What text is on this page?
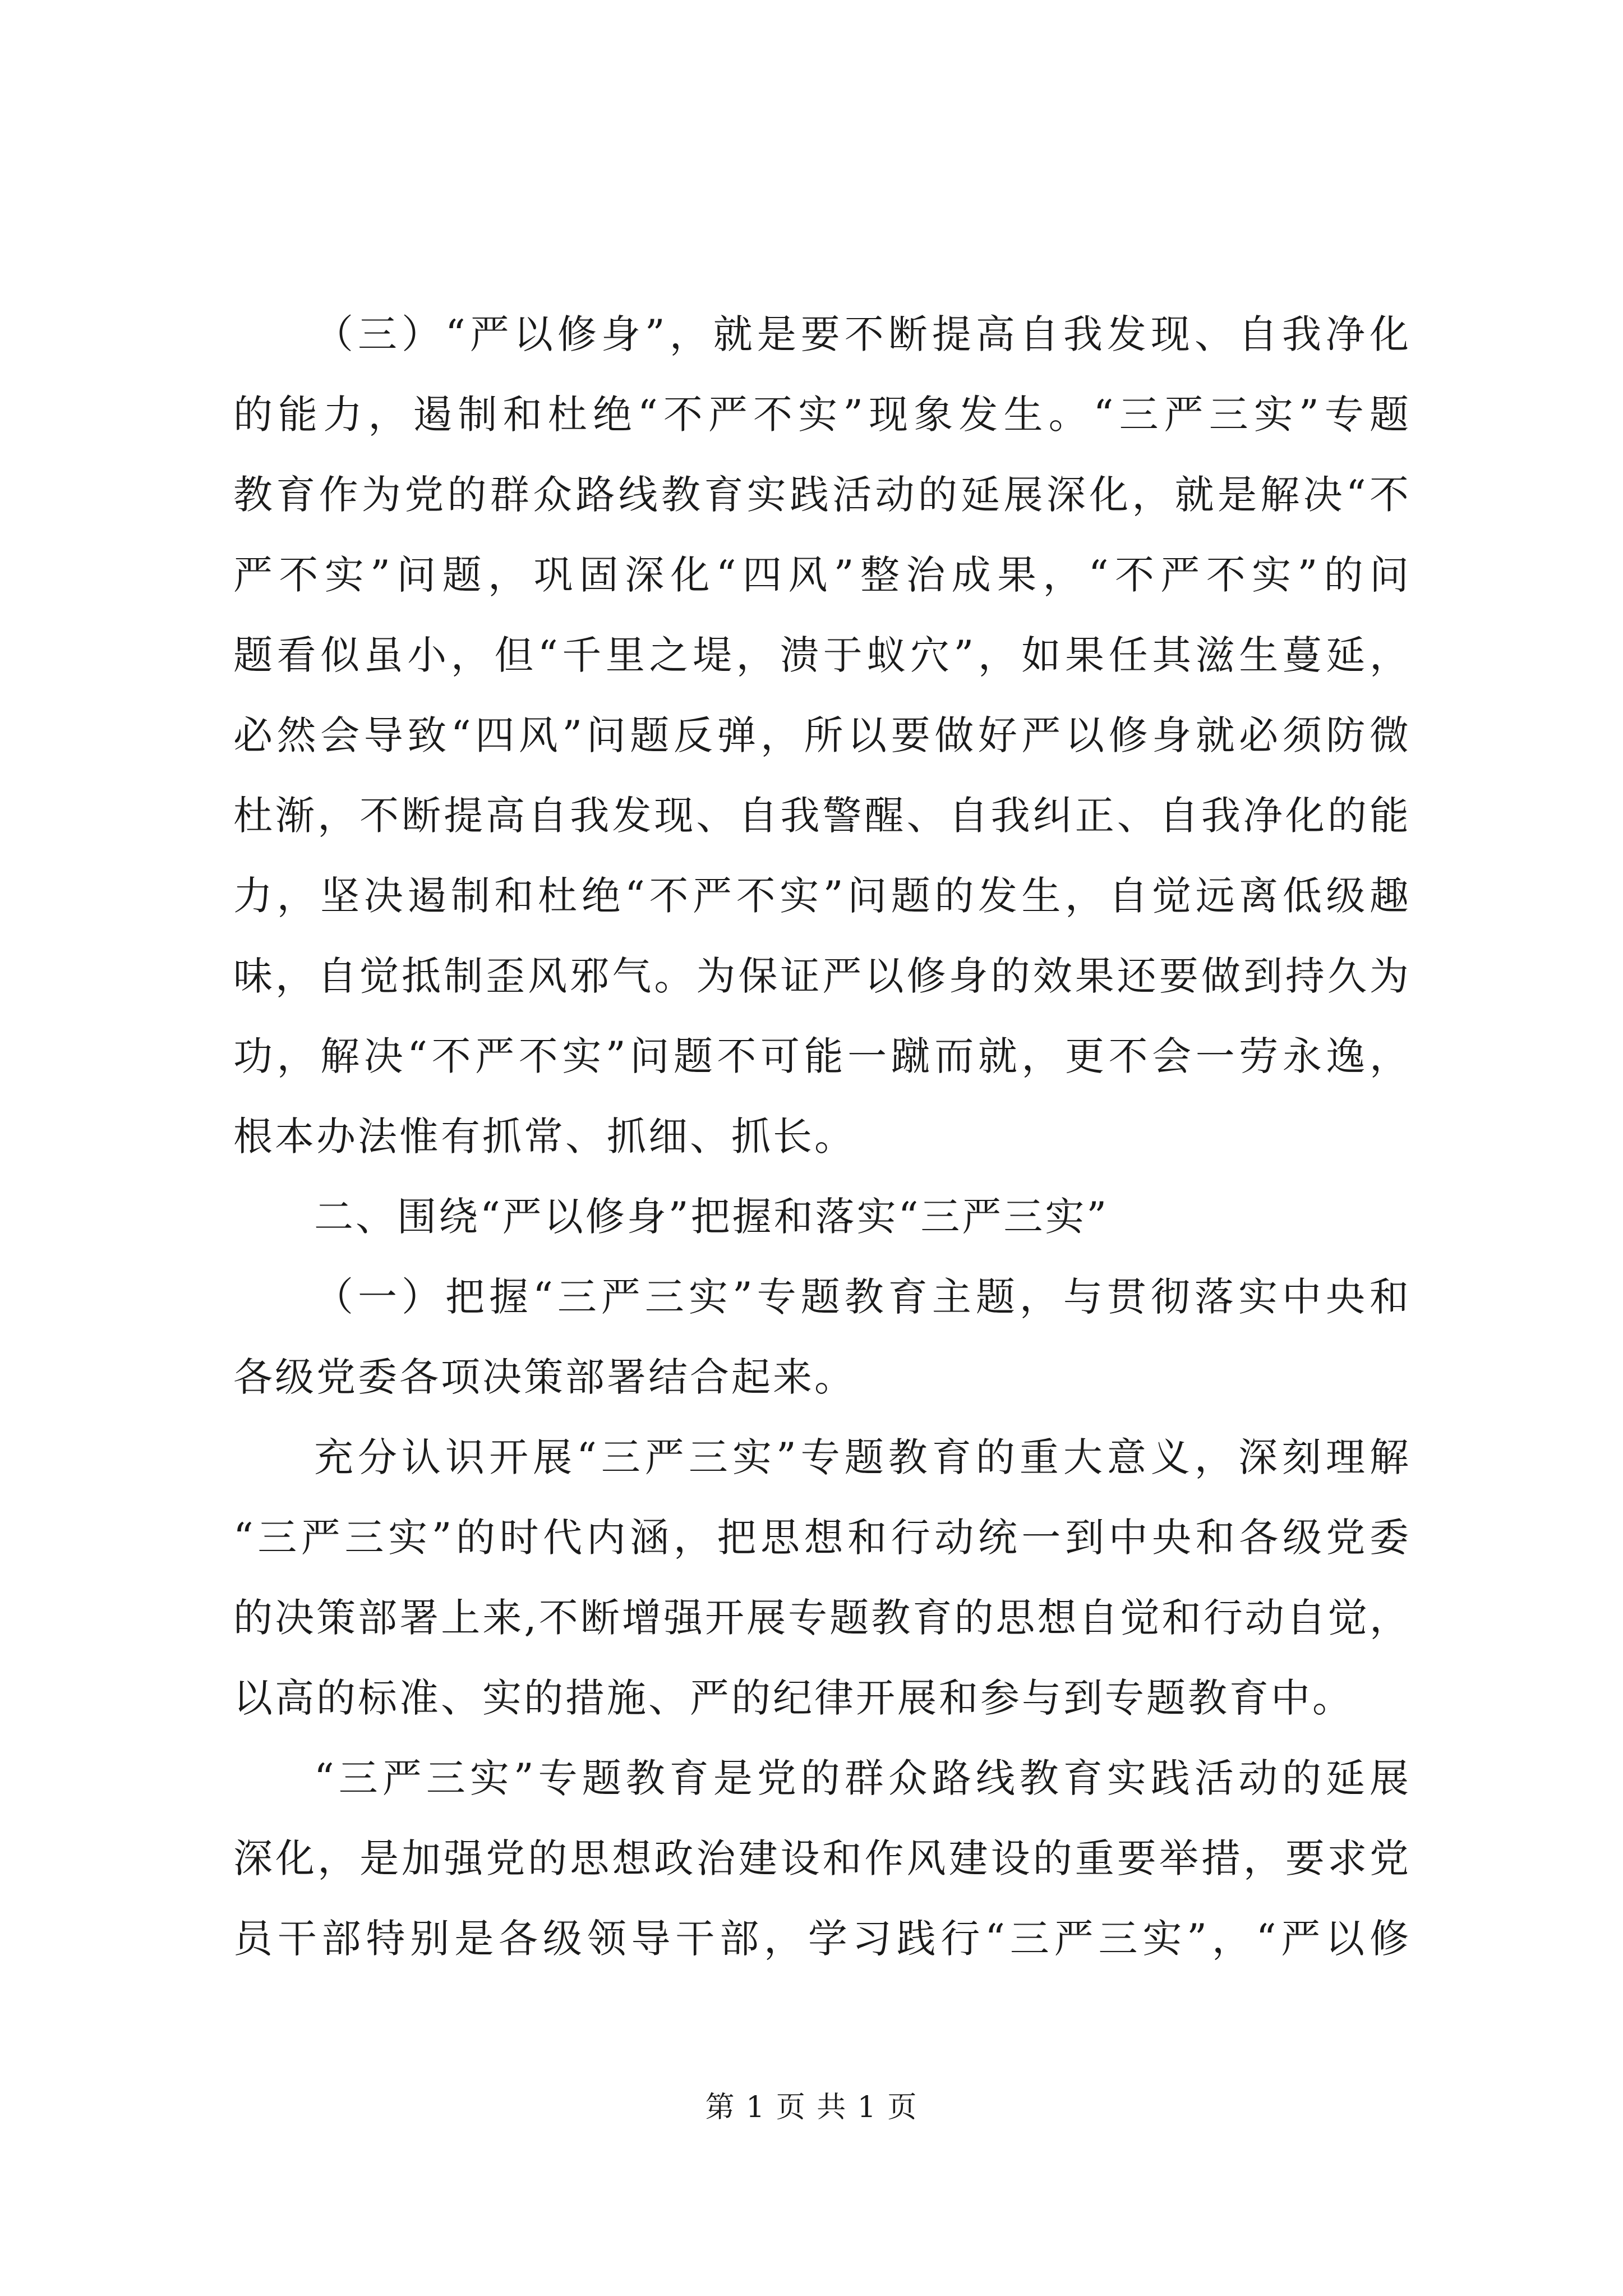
（三）“严以修身”，就是要不断提高自我发现、自我净化
的能力，遏制和杜绝“不严不实”现象发生。“三严三实”专题
教育作为党的群众路线教育实践活动的延展深化，就是解决“不
严不实”问题，巩固深化“四风”整治成果，“不严不实”的问
题看似虽小，但“千里之堤，溃于蚁穴”，如果任其滋生蔓延，
必然会导致“四风”问题反弹，所以要做好严以修身就必须防微
杜渐，不断提高自我发现、自我警醒、自我纠正、自我净化的能
力，坚决遏制和杜绝“不严不实”问题的发生，自觉远离低级趣
味，自觉抵制歪风邪气。为保证严以修身的效果还要做到持久为
功，解决“不严不实”问题不可能一蹴而就，更不会一劳永逸，
根本办法惟有抓常、抓细、抓长。
二、围绕“严以修身”把握和落实“三严三实”
（一）把握“三严三实”专题教育主题，与贯彻落实中央和
各级党委各项决策部署结合起来。
充分认识开展“三严三实”专题教育的重大意义，深刻理解
“三严三实”的时代内涵，把思想和行动统一到中央和各级党委
的决策部署上来,不断增强开展专题教育的思想自觉和行动自觉，
以高的标准、实的措施、严的纪律开展和参与到专题教育中。
“三严三实”专题教育是党的群众路线教育实践活动的延展
深化，是加强党的思想政治建设和作风建设的重要举措，要求党
员干部特别是各级领导干部，学习践行“三严三实”，“严以修
第 1 页 共 1 页
